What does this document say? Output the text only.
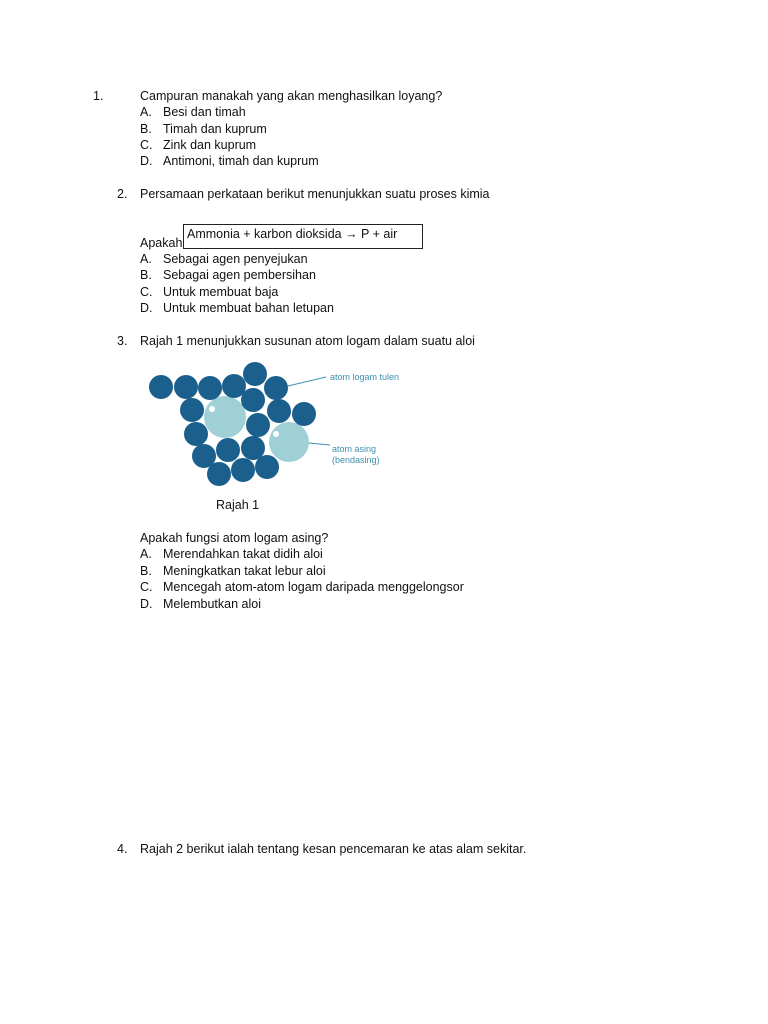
1.	Campuran manakah yang akan menghasilkan loyang?
A. Besi dan timah
B. Timah dan kuprum
C. Zink dan kuprum
D. Antimoni, timah dan kuprum
2. Persamaan perkataan berikut menunjukkan suatu proses kimia
Ammonia + karbon dioksida → P + air
Apakah
A. Sebagai agen penyejukan
B. Sebagai agen pembersihan
C. Untuk membuat baja
D. Untuk membuat bahan letupan
3. Rajah 1 menunjukkan susunan atom logam dalam suatu aloi
atom logam tulen
atom asing
(bendasing)
Rajah 1
Apakah fungsi atom logam asing?
A. Merendahkan takat didih aloi
B. Meningkatkan takat lebur aloi
C. Mencegah atom-atom logam daripada menggelongsor
D. Melembutkan aloi
4. Rajah 2 berikut ialah tentang kesan pencemaran ke atas alam sekitar.
